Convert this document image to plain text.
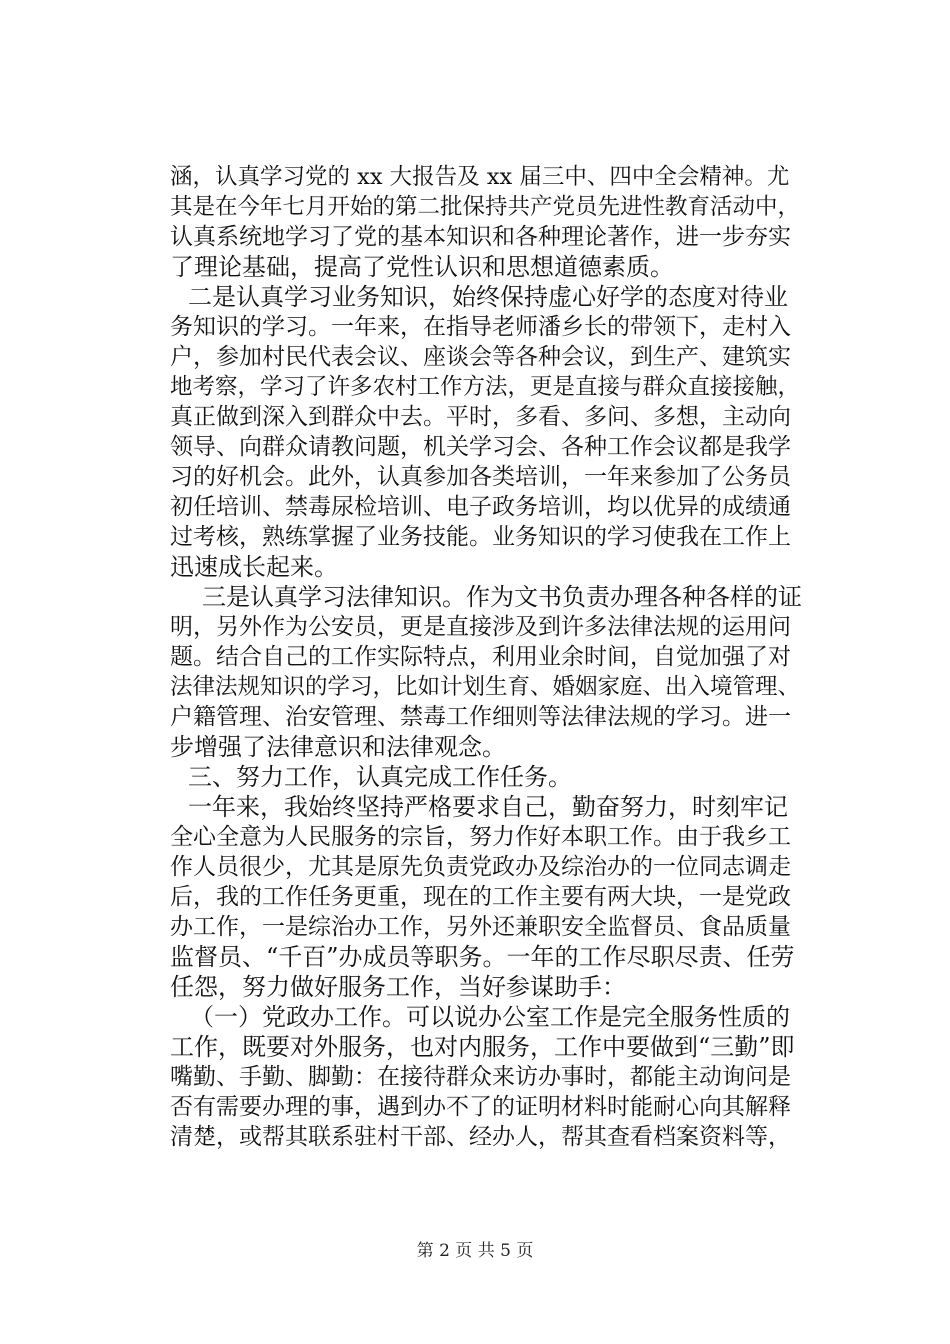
涵，认真学习党的 xx 大报告及 xx 届三中、四中全会精神。尤
其是在今年七月开始的第二批保持共产党员先进性教育活动中，
认真系统地学习了党的基本知识和各种理论著作，进一步夯实
了理论基础，提高了党性认识和思想道德素质。
二是认真学习业务知识，始终保持虚心好学的态度对待业
务知识的学习。一年来，在指导老师潘乡长的带领下，走村入
户，参加村民代表会议、座谈会等各种会议，到生产、建筑实
地考察，学习了许多农村工作方法，更是直接与群众直接接触，
真正做到深入到群众中去。平时，多看、多问、多想，主动向
领导、向群众请教问题，机关学习会、各种工作会议都是我学
习的好机会。此外，认真参加各类培训，一年来参加了公务员
初任培训、禁毒尿检培训、电子政务培训，均以优异的成绩通
过考核，熟练掌握了业务技能。业务知识的学习使我在工作上
迅速成长起来。
三是认真学习法律知识。作为文书负责办理各种各样的证
明，另外作为公安员，更是直接涉及到许多法律法规的运用问
题。结合自己的工作实际特点，利用业余时间，自觉加强了对
法律法规知识的学习，比如计划生育、婚姻家庭、出入境管理、
户籍管理、治安管理、禁毒工作细则等法律法规的学习。进一
步增强了法律意识和法律观念。
三、努力工作，认真完成工作任务。
一年来，我始终坚持严格要求自己，勤奋努力，时刻牢记
全心全意为人民服务的宗旨，努力作好本职工作。由于我乡工
作人员很少，尤其是原先负责党政办及综治办的一位同志调走
后，我的工作任务更重，现在的工作主要有两大块，一是党政
办工作，一是综治办工作，另外还兼职安全监督员、食品质量
监督员、“千百”办成员等职务。一年的工作尽职尽责、任劳
任怨，努力做好服务工作，当好参谋助手：
（一）党政办工作。可以说办公室工作是完全服务性质的
工作，既要对外服务，也对内服务，工作中要做到“三勤”即
嘴勤、手勤、脚勤：在接待群众来访办事时，都能主动询问是
否有需要办理的事，遇到办不了的证明材料时能耐心向其解释
清楚，或帮其联系驻村干部、经办人，帮其查看档案资料等，
第 2 页 共 5 页
